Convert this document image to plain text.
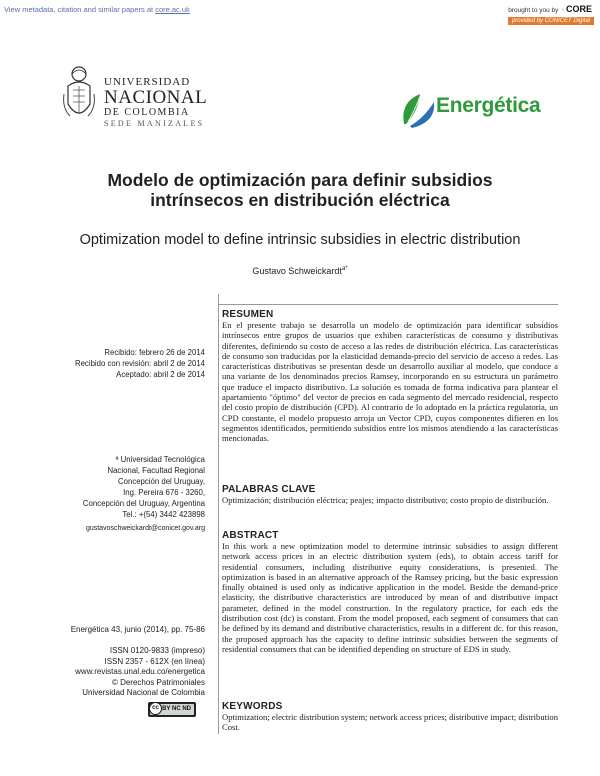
View metadata, citation and similar papers at core.ac.uk	brought to you by ◔ CORE
provided by CONICET Digital
UNIVERSIDAD
NACIONAL
DE COLOMBIA
SEDE MANIZALES
Energética
Modelo de optimización para definir subsidios
intrínsecos en distribución eléctrica
Optimization model to define intrinsic subsidies in electric distribution
Gustavo Schweickardt$^{a*}$
Recibido: febrero 26 de 2014
Recibido con revisión: abril 2 de 2014
Aceptado: abril 2 de 2014
ª Universidad Tecnológica
Nacional, Facultad Regional
Concepción del Uruguay,
Ing. Pereira 676 - 3260,
Concepción del Uruguay, Argentina
Tel.: +(54) 3442 423898
gustavoschweickardt@conicet.gov.arg
Energética 43, junio (2014), pp. 75-86
ISSN 0120-9833 (impreso)
ISSN 2357 - 612X (en línea)
www.revistas.unal.edu.co/energetica
© Derechos Patrimoniales
Universidad Nacional de Colombia
BY NC ND
cc
RESUMEN
En el presente trabajo se desarrolla un modelo de optimización para identificar subsidios intrínsecos entre grupos de usuarios que exhiben características de consumo y distributivas diferentes, definiendo su costo de acceso a las redes de distribución eléctrica. Las características de consumo son traducidas por la elasticidad demanda-precio del servicio de acceso a redes. Las características distributivas se presentan desde un desarrollo auxiliar al modelo, que conduce a una variante de los denominados precios Ramsey, incorporando en su estructura un parámetro que traduce el impacto distributivo. La solución es tomada de forma indicativa para plantear el apartamiento "óptimo" del vector de precios en cada segmento del mercado residencial, respecto del costo propio de distribución (CPD). Al contrario de lo adoptado en la práctica regulatoria, un CPD constante, el modelo propuesto arroja un Vector CPD, cuyos componentes difieren en los segmentos identificados, permitiendo subsidios entre los mismos atendiendo a las características mencionadas.
PALABRAS CLAVE
Optimización; distribución eléctrica; peajes; impacto distributivo; costo propio de distribución.
ABSTRACT
In this work a new optimization model to determine intrinsic subsidies to assign different network access prices in an electric distribution system (eds), to obtain access tariff for residential consumers, including distributive equity considerations, is presented. The optimization is based in an alternative approach of the Ramsey pricing, but the basic expression finally obtained is used only as indicative application in the model. Beside the demand-price elasticity, the distributive characteristics are introduced by mean of and distributive impact parameter, defined in the model construction. In the regulatory practice, for each eds the distribution cost (dc) is constant. From the model proposed, each segment of consumers that can be defined by its demand and distributive characteristics, results in a different dc. for this reason, the proposed approach has the capacity to define intrinsic subsidies between the segments of residential consumers that can be identified depending on structure of EDS in study.
KEYWORDS
Optimization; electric distribution system; network access prices; distributive impact; distribution Cost.
